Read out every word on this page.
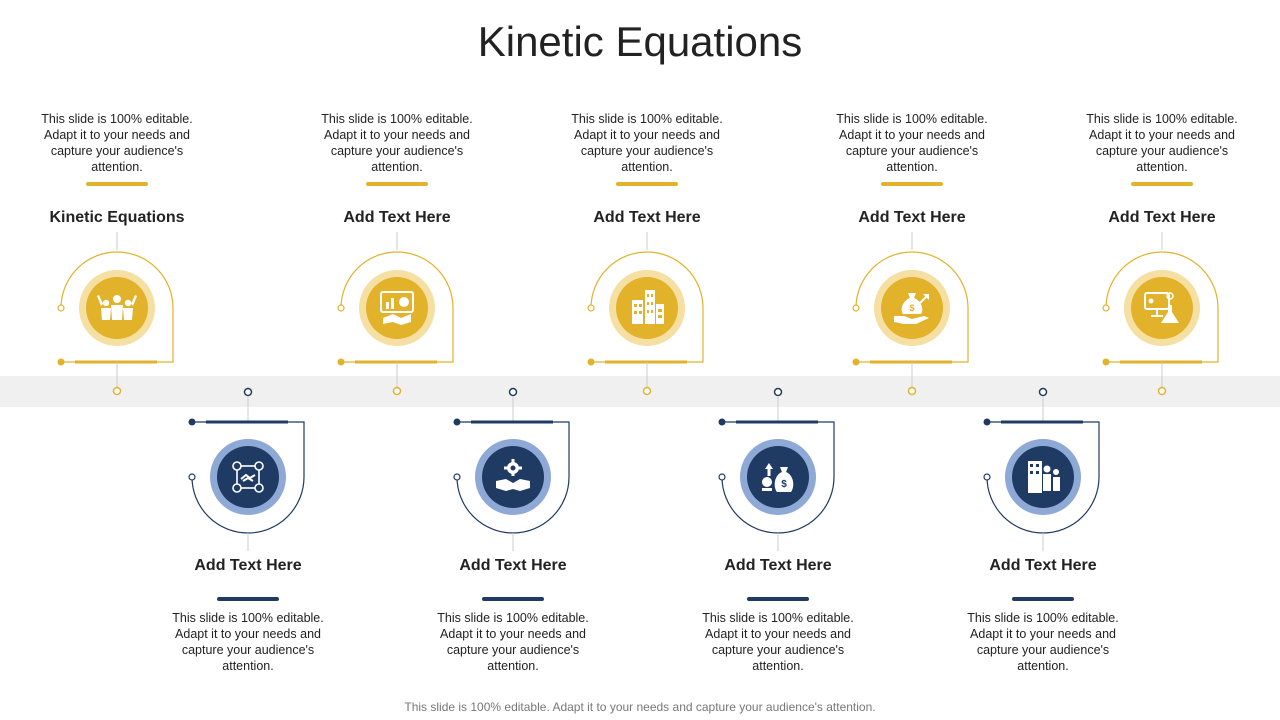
Kinetic Equations
This slide is 100% editable. Adapt it to your needs and capture your audience's attention.
Kinetic Equations
This slide is 100% editable. Adapt it to your needs and capture your audience's attention.
Add Text Here
This slide is 100% editable. Adapt it to your needs and capture your audience's attention.
Add Text Here
This slide is 100% editable. Adapt it to your needs and capture your audience's attention.
Add Text Here
This slide is 100% editable. Adapt it to your needs and capture your audience's attention.
Add Text Here
Add Text Here
This slide is 100% editable. Adapt it to your needs and capture your audience's attention.
Add Text Here
This slide is 100% editable. Adapt it to your needs and capture your audience's attention.
Add Text Here
This slide is 100% editable. Adapt it to your needs and capture your audience's attention.
Add Text Here
This slide is 100% editable. Adapt it to your needs and capture your audience's attention.
$
$
This slide is 100% editable. Adapt it to your needs and capture your audience's attention.
